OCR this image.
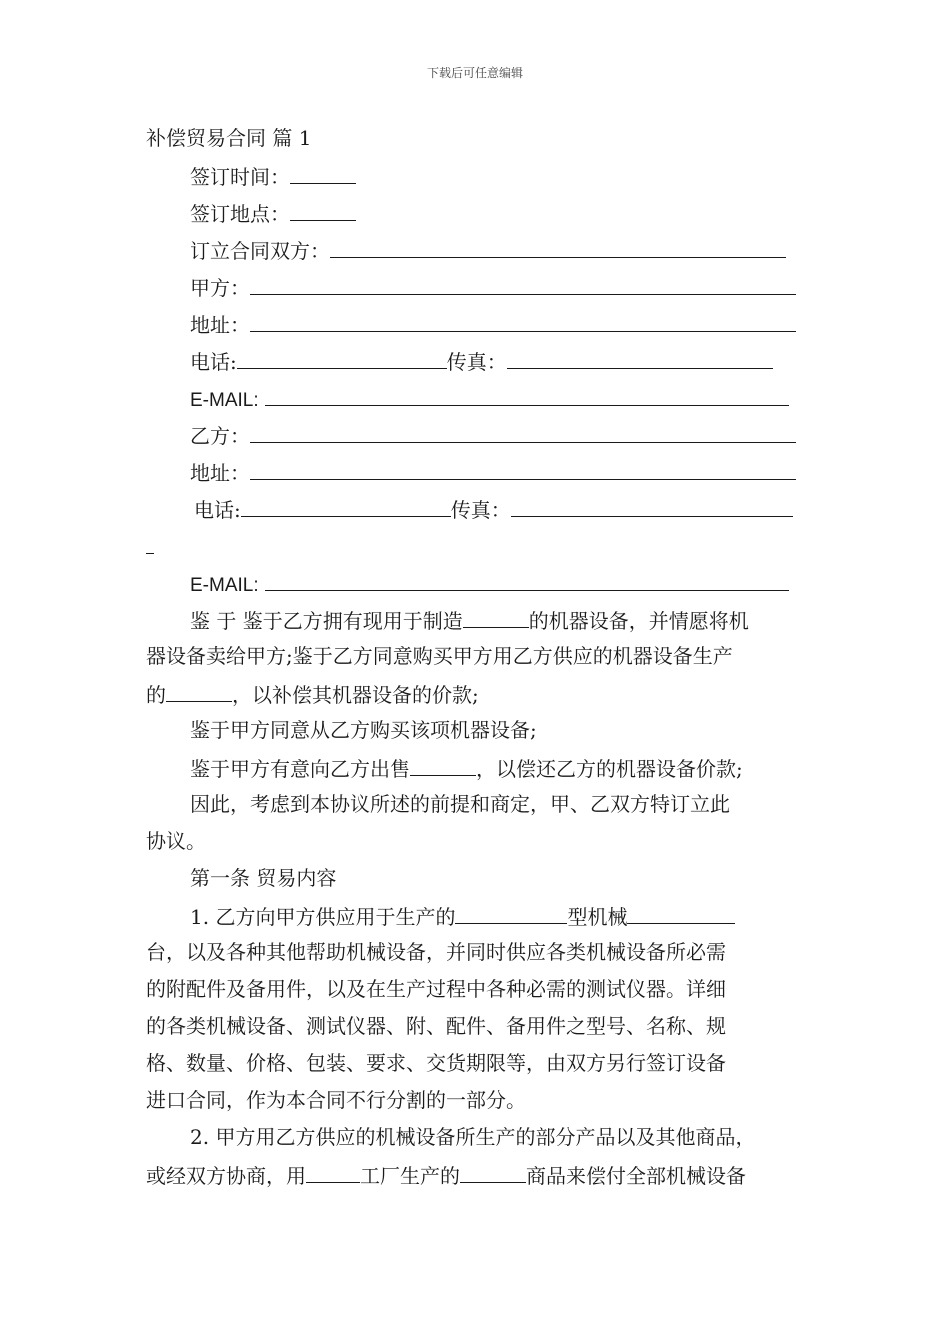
下载后可任意编辑
补偿贸易合同 篇 1
签订时间：
签订地点：
订立合同双方：
甲方：
地址：
电话:	传真：
E-MAIL:
乙方：
地址：
电话:	传真：
E-MAIL:
鉴 于 鉴于乙方拥有现用于制造	的机器设备，并情愿将机
器设备卖给甲方;鉴于乙方同意购买甲方用乙方供应的机器设备生产
的	，以补偿其机器设备的价款;
鉴于甲方同意从乙方购买该项机器设备;
鉴于甲方有意向乙方出售	，以偿还乙方的机器设备价款;
因此，考虑到本协议所述的前提和商定，甲、乙双方特订立此
协议。
第一条 贸易内容
1. 乙方向甲方供应用于生产的	型机械
台，以及各种其他帮助机械设备，并同时供应各类机械设备所必需
的附配件及备用件，以及在生产过程中各种必需的测试仪器。详细
的各类机械设备、测试仪器、附、配件、备用件之型号、名称、规
格、数量、价格、包装、要求、交货期限等，由双方另行签订设备
进口合同，作为本合同不行分割的一部分。
2. 甲方用乙方供应的机械设备所生产的部分产品以及其他商品，
或经双方协商，用	工厂生产的	商品来偿付全部机械设备
